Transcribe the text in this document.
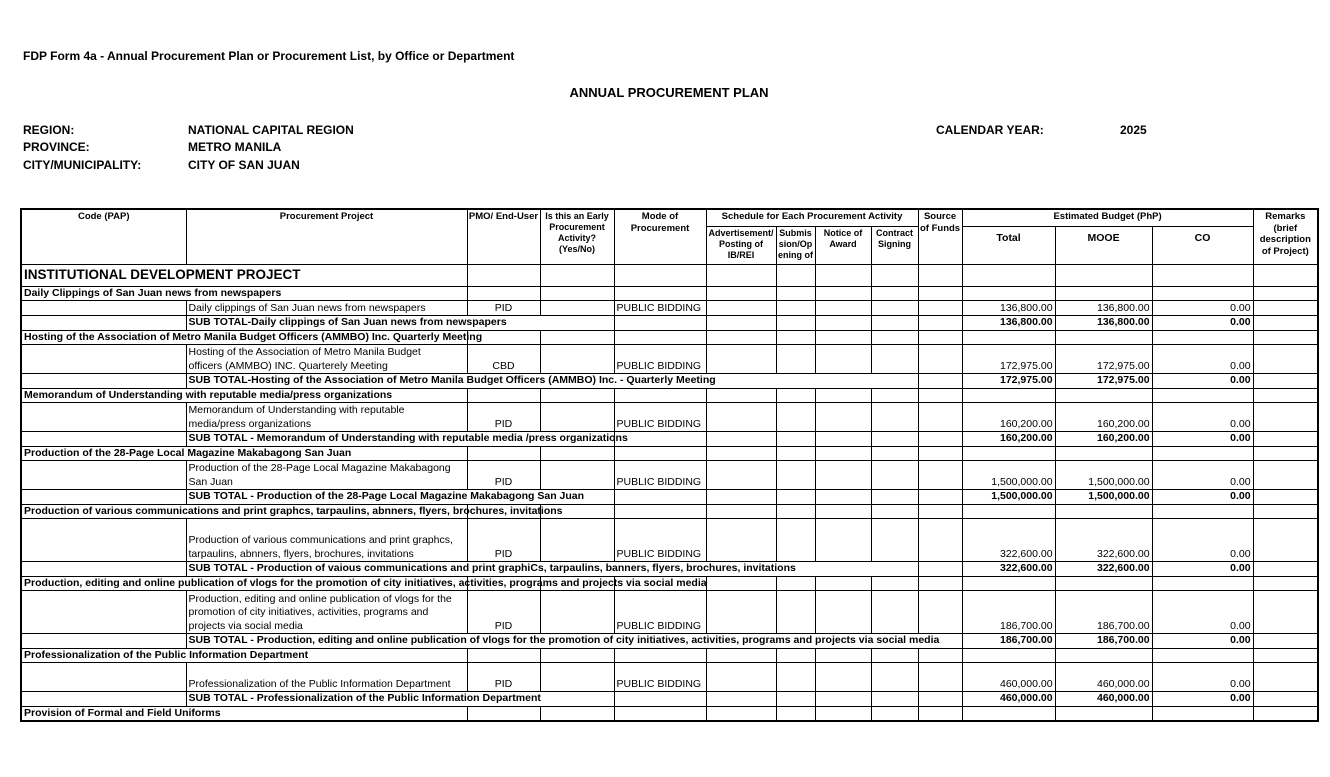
FDP Form 4a - Annual Procurement Plan or Procurement List, by Office or Department
ANNUAL PROCUREMENT PLAN
REGION:	NATIONAL CAPITAL REGION
PROVINCE:	METRO MANILA
CITY/MUNICIPALITY:	CITY OF SAN JUAN
CALENDAR YEAR:	2025
Code (PAP)	Procurement Project	PMO/ End-User	Is this an Early Procurement Activity? (Yes/No)	Mode of Procurement	Schedule for Each Procurement Activity				Source of Funds	Estimated Budget (PhP)			Remarks (brief description of Project)
					Advertisement/ Posting of IB/REI	Submission/Opening of	Notice of Award	Contract Signing		Total	MOOE	CO	
INSTITUTIONAL DEVELOPMENT PROJECT													
Daily Clippings of San Juan news from newspapers													

	Daily clippings of San Juan news from newspapers	PID		PUBLIC BIDDING						136,800.00	136,800.00	0.00	
	SUB TOTAL-Daily clippings of San Juan news from newspapers									136,800.00	136,800.00	0.00	
Hosting of the Association of Metro Manila Budget Officers (AMMBO) Inc. Quarterly Meeting													

	Hosting of the Association of Metro Manila Budget
officers (AMMBO) INC. Quarterely Meeting	CBD		PUBLIC BIDDING						172,975.00	172,975.00	0.00	
	SUB TOTAL-Hosting of the Association of Metro Manila Budget Officers (AMMBO) Inc. - Quarterly Meeting									172,975.00	172,975.00	0.00	
Memorandum of Understanding with reputable media/press organizations													

	Memorandum of Understanding with reputable
media/press organizations	PID		PUBLIC BIDDING						160,200.00	160,200.00	0.00	
	SUB TOTAL - Memorandum of Understanding with reputable media /press organizations									160,200.00	160,200.00	0.00	
Production of the 28-Page Local Magazine Makabagong San Juan													

	Production of the 28-Page Local Magazine Makabagong
San Juan	PID		PUBLIC BIDDING						1,500,000.00	1,500,000.00	0.00	
	SUB TOTAL - Production of the 28-Page Local Magazine Makabagong San Juan									1,500,000.00	1,500,000.00	0.00	
Production of various communications and print graphcs, tarpaulins, abnners, flyers, brochures, invitations													

	Production of various communications and print graphcs,
tarpaulins, abnners, flyers, brochures, invitations	PID		PUBLIC BIDDING						322,600.00	322,600.00	0.00	
	SUB TOTAL - Production of vaious communications and print graphiCs, tarpaulins, banners, flyers, brochures, invitations									322,600.00	322,600.00	0.00	
Production, editing and online publication of vlogs for the promotion of city initiatives, activities, programs and projects via social media													

	Production, editing and online publication of vlogs for the
promotion of city initiatives, activities, programs and
projects via social media	PID		PUBLIC BIDDING						186,700.00	186,700.00	0.00	
	SUB TOTAL - Production, editing and online publication of vlogs for the promotion of city initiatives, activities, programs and projects via social media									186,700.00	186,700.00	0.00	
Professionalization of the Public Information Department													

	Professionalization of the Public Information Department	PID		PUBLIC BIDDING						460,000.00	460,000.00	0.00	
	SUB TOTAL - Professionalization of the Public Information Department									460,000.00	460,000.00	0.00	
Provision of Formal and Field Uniforms													
